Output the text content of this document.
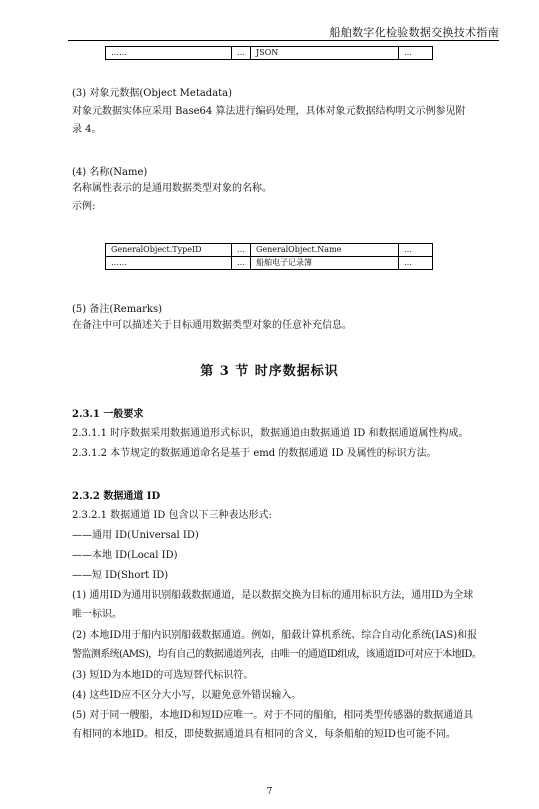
船舶数字化检验数据交换技术指南
……	…	JSON	…
(3) 对象元数据(Object Metadata)
对象元数据实体应采用 Base64 算法进行编码处理，具体对象元数据结构明文示例参见附
录 4。
(4) 名称(Name)
名称属性表示的是通用数据类型对象的名称。
示例:
GeneralObject.TypeID	…	GeneralObject.Name	…
……	…	船舶电子记录簿	…
(5) 备注(Remarks)
在备注中可以描述关于目标通用数据类型对象的任意补充信息。
第 3 节 时序数据标识
2.3.1 一般要求
2.3.1.1 时序数据采用数据通道形式标识，数据通道由数据通道 ID 和数据通道属性构成。
2.3.1.2 本节规定的数据通道命名是基于 emd 的数据通道 ID 及属性的标识方法。
2.3.2 数据通道 ID
2.3.2.1 数据通道 ID 包含以下三种表达形式:
——通用 ID(Universal ID)
——本地 ID(Local ID)
——短 ID(Short ID)
(1) 通用ID为通用识别船载数据通道，是以数据交换为目标的通用标识方法，通用ID为全球
唯一标识。
(2) 本地ID用于船内识别船载数据通道。例如，船载计算机系统、综合自动化系统(IAS)和报
警监测系统(AMS)，均有自己的数据通道列表，由唯一的通道ID组成，该通道ID可对应于本地ID。
(3) 短ID为本地ID的可选短替代标识符。
(4) 这些ID应不区分大小写，以避免意外错误输入。
(5) 对于同一艘船，本地ID和短ID应唯一。对于不同的船舶，相同类型传感器的数据通道具
有相同的本地ID。相反，即使数据通道具有相同的含义，每条船舶的短ID也可能不同。
7
